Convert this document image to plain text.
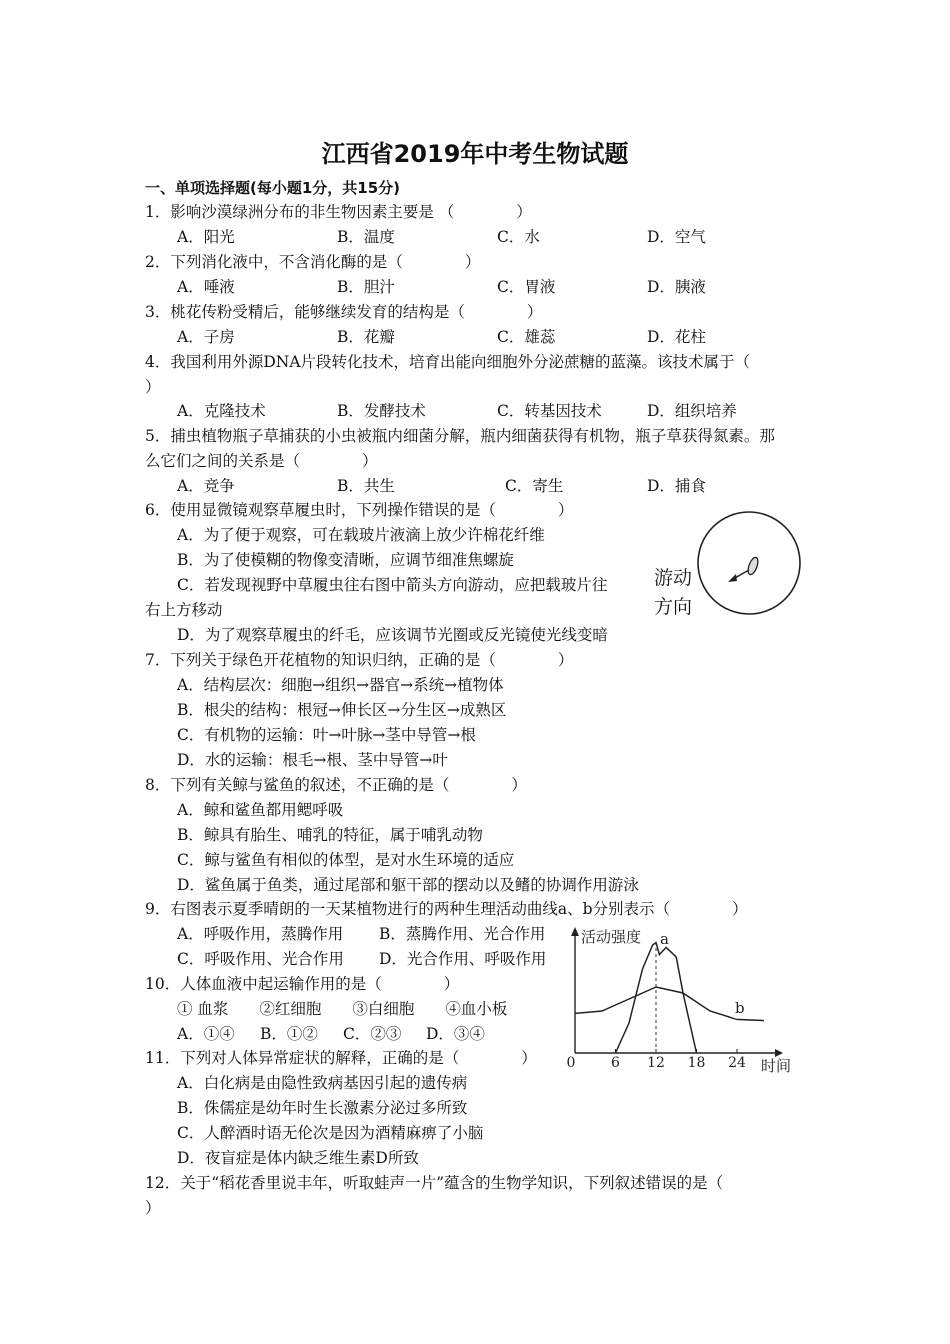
江西省2019年中考生物试题
一、单项选择题(每小题1分，共15分)
1．影响沙漠绿洲分布的非生物因素主要是 （　　　　）
A．阳光	B．温度	C．水	D．空气
2．下列消化液中，不含消化酶的是（　　　　）
A．唾液	B．胆汁	C．胃液	D．胰液
3．桃花传粉受精后，能够继续发育的结构是（　　　　）
A．子房	B．花瓣	C．雄蕊	D．花柱
4．我国利用外源DNA片段转化技术，培育出能向细胞外分泌蔗糖的蓝藻。该技术属于（
）
A．克隆技术	B．发酵技术	C．转基因技术	D．组织培养
5．捕虫植物瓶子草捕获的小虫被瓶内细菌分解，瓶内细菌获得有机物，瓶子草获得氮素。那
么它们之间的关系是（　　　　）
A．竞争	B．共生	C．寄生	D．捕食
6．使用显微镜观察草履虫时，下列操作错误的是（　　　　）
A．为了便于观察，可在载玻片液滴上放少许棉花纤维
B．为了使模糊的物像变清晰，应调节细准焦螺旋
C．若发现视野中草履虫往右图中箭头方向游动，应把载玻片往
右上方移动
D．为了观察草履虫的纤毛，应该调节光圈或反光镜使光线变暗
游动
方向
7．下列关于绿色开花植物的知识归纳，正确的是（　　　　）
A．结构层次：细胞→组织→器官→系统→植物体
B．根尖的结构：根冠→伸长区→分生区→成熟区
C．有机物的运输：叶→叶脉→茎中导管→根
D．水的运输：根毛→根、茎中导管→叶
8．下列有关鲸与鲨鱼的叙述，不正确的是（　　　　）
A．鲸和鲨鱼都用鳃呼吸
B．鲸具有胎生、哺乳的特征，属于哺乳动物
C．鲸与鲨鱼有相似的体型，是对水生环境的适应
D．鲨鱼属于鱼类，通过尾部和躯干部的摆动以及鳍的协调作用游泳
9．右图表示夏季晴朗的一天某植物进行的两种生理活动曲线a、b分别表示（　　　　）
A．呼吸作用，蒸腾作用 B．蒸腾作用、光合作用
C．呼吸作用、光合作用 D．光合作用、呼吸作用
10．人体血液中起运输作用的是（　　　　）
① 血浆　　②红细胞　　③白细胞　　④血小板
A．①④ B．①② C．②③ D．③④
活动强度
时间
0	6 12 18 24
a
b
11．下列对人体异常症状的解释，正确的是（　　　　）
A．白化病是由隐性致病基因引起的遗传病
B．侏儒症是幼年时生长激素分泌过多所致
C．人醉酒时语无伦次是因为酒精麻痹了小脑
D．夜盲症是体内缺乏维生素D所致
12．关于“稻花香里说丰年，听取蛙声一片”蕴含的生物学知识，下列叙述错误的是（
）
